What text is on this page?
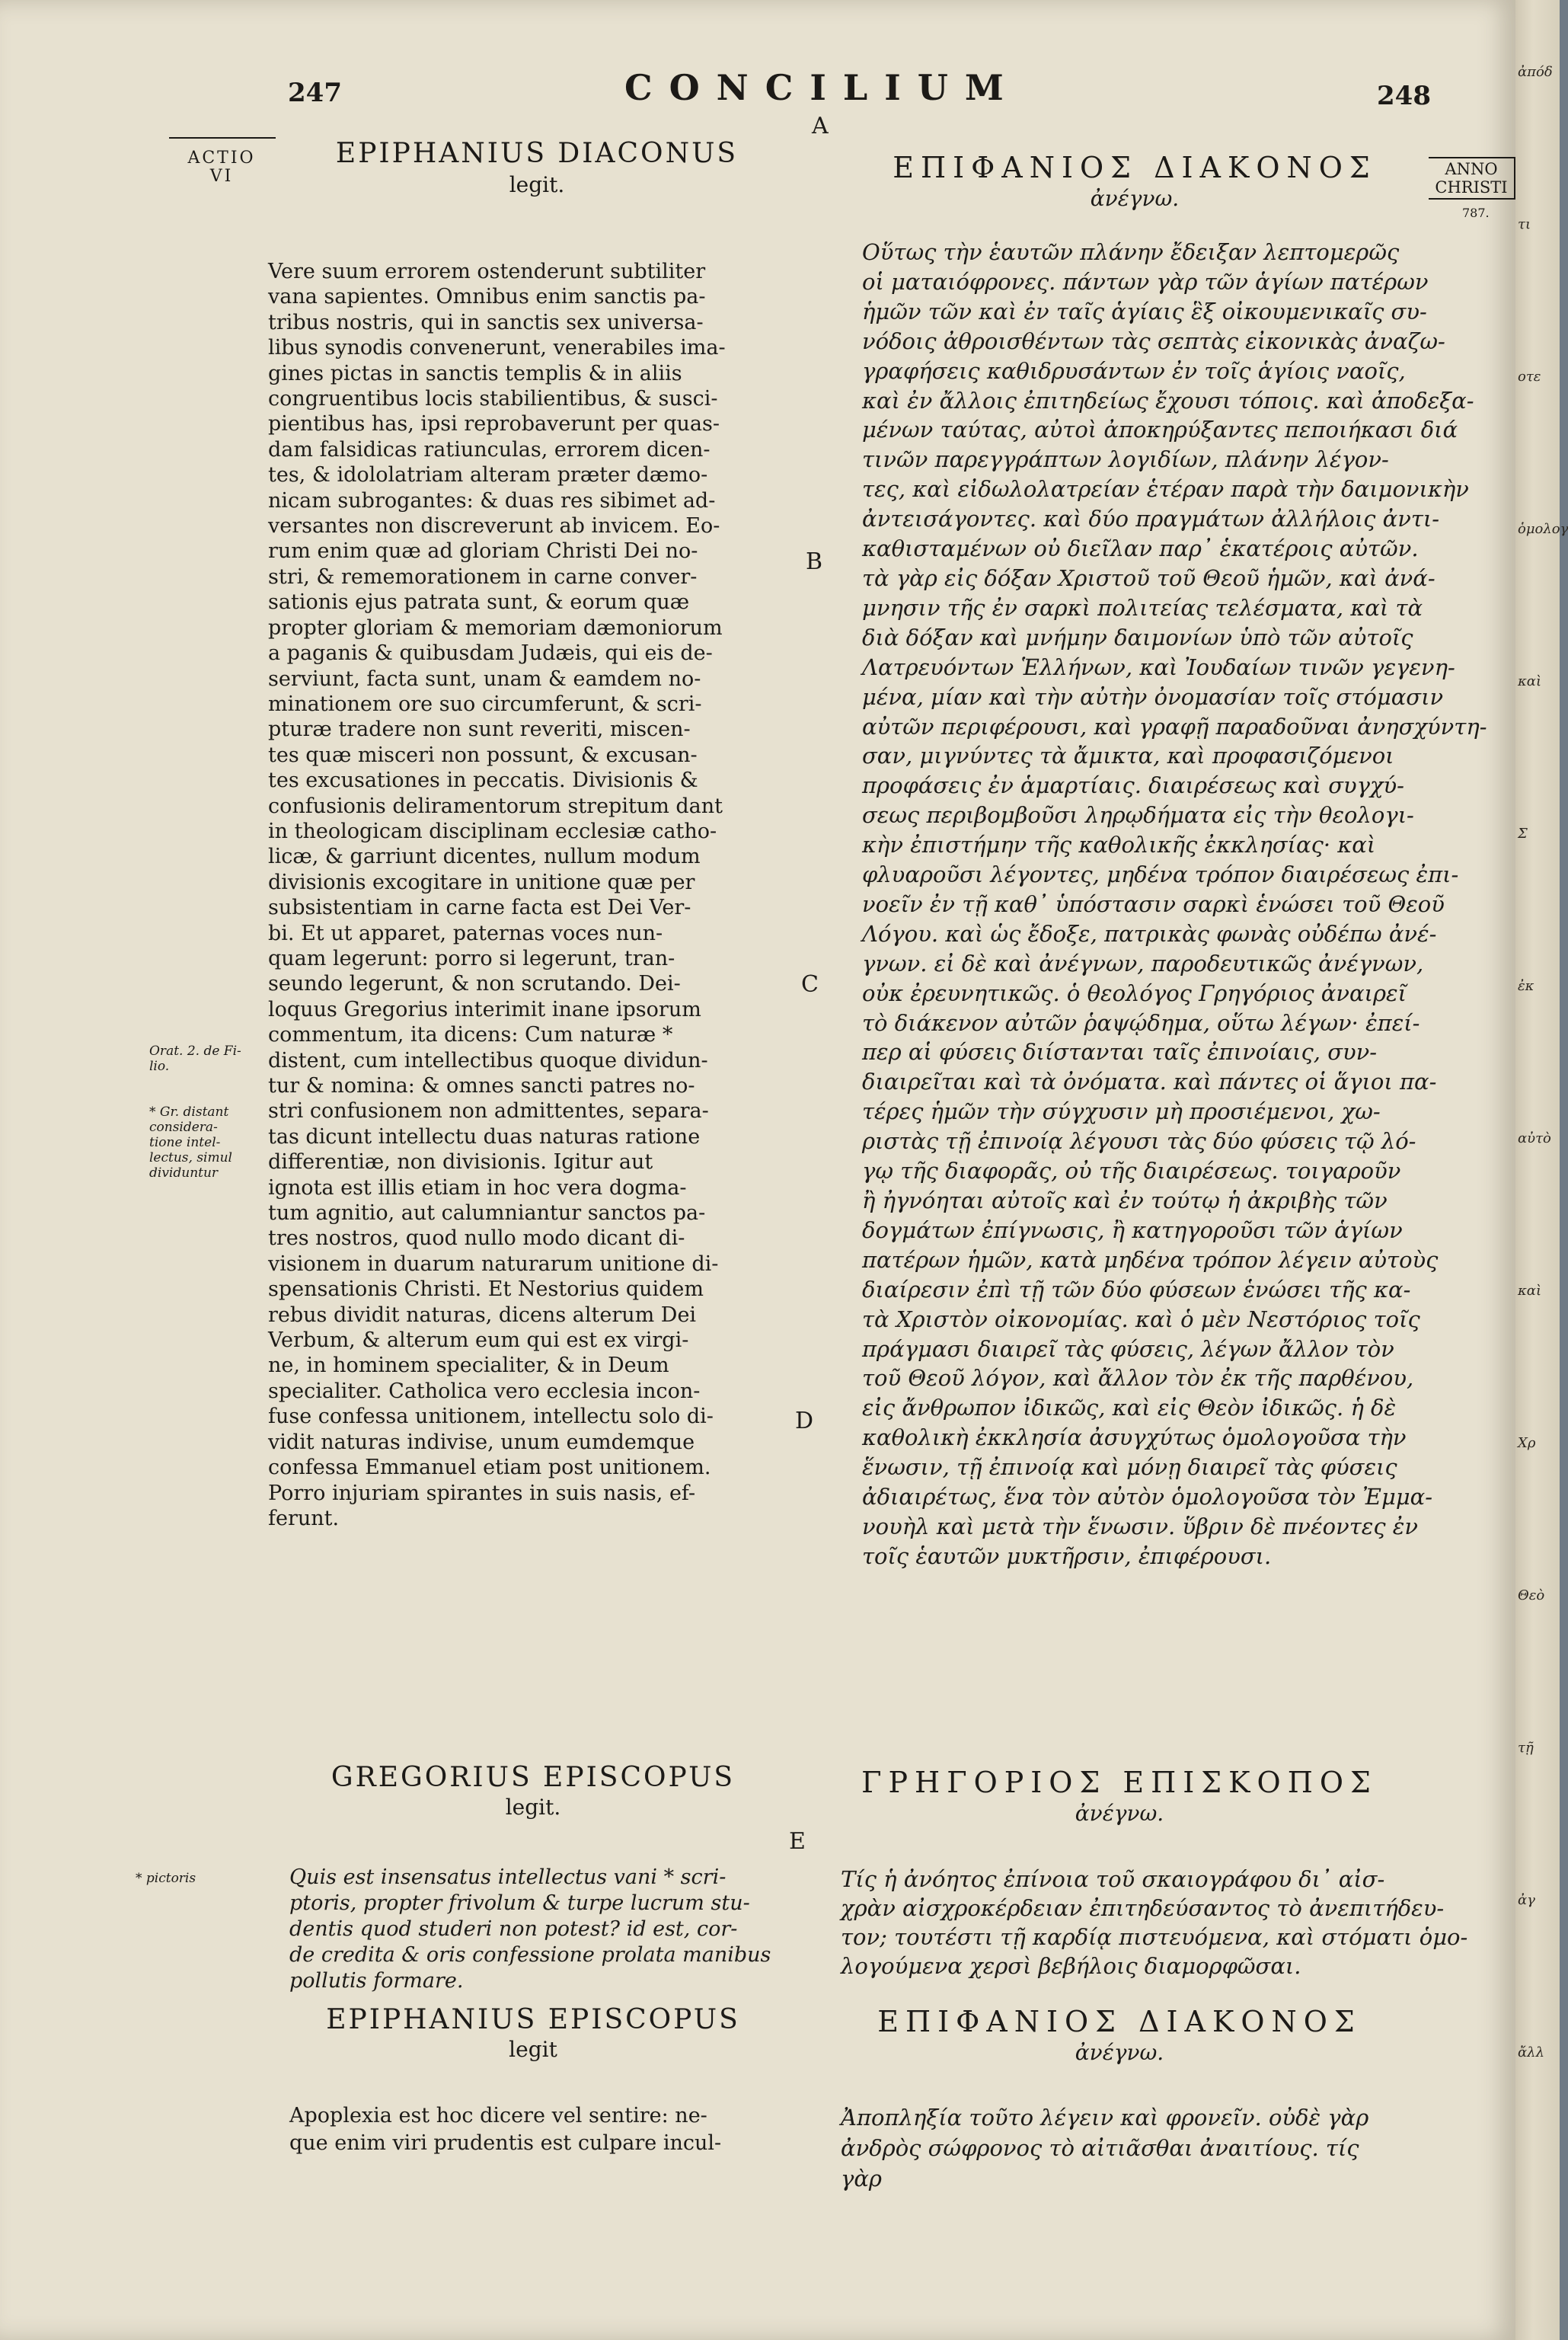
247	CONCILIUM	248
A
ACTIO
VI	ANNO
CHRISTI
787.
EPIPHANIUS DIACONUS
legit.
ΕΠΙΦΑΝΙΟΣ ΔΙΑΚΟΝΟΣ
ἀνέγνω.
Vere suum errorem ostenderunt subtiliter
vana sapientes. Omnibus enim sanctis pa-
tribus nostris, qui in sanctis sex universa-
libus synodis convenerunt, venerabiles ima-
gines pictas in sanctis templis & in aliis
congruentibus locis stabilientibus, & susci-
pientibus has, ipsi reprobaverunt per quas-
dam falsidicas ratiunculas, errorem dicen-
tes, & idololatriam alteram præter dæmo-
nicam subrogantes: & duas res sibimet ad-
versantes non discreverunt ab invicem. Eo-
rum enim quæ ad gloriam Christi Dei no-
stri, & rememorationem in carne conver-
sationis ejus patrata sunt, & eorum quæ
propter gloriam & memoriam dæmoniorum
a paganis & quibusdam Judæis, qui eis de-
serviunt, facta sunt, unam & eamdem no-
minationem ore suo circumferunt, & scri-
pturæ tradere non sunt reveriti, miscen-
tes quæ misceri non possunt, & excusan-
tes excusationes in peccatis. Divisionis &
confusionis deliramentorum strepitum dant
in theologicam disciplinam ecclesiæ catho-
licæ, & garriunt dicentes, nullum modum
divisionis excogitare in unitione quæ per
subsistentiam in carne facta est Dei Ver-
bi. Et ut apparet, paternas voces nun-
quam legerunt: porro si legerunt, tran-
seundo legerunt, & non scrutando. Dei-
loquus Gregorius interimit inane ipsorum
commentum, ita dicens: Cum naturæ *
distent, cum intellectibus quoque dividun-
tur & nomina: & omnes sancti patres no-
stri confusionem non admittentes, separa-
tas dicunt intellectu duas naturas ratione
differentiæ, non divisionis. Igitur aut
ignota est illis etiam in hoc vera dogma-
tum agnitio, aut calumniantur sanctos pa-
tres nostros, quod nullo modo dicant di-
visionem in duarum naturarum unitione di-
spensationis Christi. Et Nestorius quidem
rebus dividit naturas, dicens alterum Dei
Verbum, & alterum eum qui est ex virgi-
ne, in hominem specialiter, & in Deum
specialiter. Catholica vero ecclesia incon-
fuse confessa unitionem, intellectu solo di-
vidit naturas indivise, unum eumdemque
confessa Emmanuel etiam post unitionem.
Porro injuriam spirantes in suis nasis, ef-
ferunt.
Οὕτως τὴν ἑαυτῶν πλάνην ἔδειξαν λεπτομερῶς
οἱ ματαιόφρονες. πάντων γὰρ τῶν ἁγίων πατέρων
ἡμῶν τῶν καὶ ἐν ταῖς ἁγίαις ἓξ οἰκουμενικαῖς συ-
νόδοις ἀθροισθέντων τὰς σεπτὰς εἰκονικὰς ἀναζω-
γραφήσεις καθιδρυσάντων ἐν τοῖς ἁγίοις ναοῖς,
καὶ ἐν ἄλλοις ἐπιτηδείως ἔχουσι τόποις. καὶ ἀποδεξα-
μένων ταύτας, αὐτοὶ ἀποκηρύξαντες πεποιήκασι διά
τινῶν παρεγγράπτων λογιδίων, πλάνην λέγον-
τες, καὶ εἰδωλολατρείαν ἑτέραν παρὰ τὴν δαιμονικὴν
ἀντεισάγοντες. καὶ δύο πραγμάτων ἀλλήλοις ἀντι-
καθισταμένων οὐ διεῖλαν παρ᾽ ἑκατέροις αὐτῶν.
τὰ γὰρ εἰς δόξαν Χριστοῦ τοῦ Θεοῦ ἡμῶν, καὶ ἀνά-
μνησιν τῆς ἐν σαρκὶ πολιτείας τελέσματα, καὶ τὰ
διὰ δόξαν καὶ μνήμην δαιμονίων ὑπὸ τῶν αὐτοῖς
Λατρευόντων Ἑλλήνων, καὶ Ἰουδαίων τινῶν γεγενη-
μένα, μίαν καὶ τὴν αὐτὴν ὀνομασίαν τοῖς στόμασιν
αὐτῶν περιφέρουσι, καὶ γραφῇ παραδοῦναι ἀνησχύντη-
σαν, μιγνύντες τὰ ἄμικτα, καὶ προφασιζόμενοι
προφάσεις ἐν ἁμαρτίαις. διαιρέσεως καὶ συγχύ-
σεως περιβομβοῦσι ληρῳδήματα εἰς τὴν θεολογι-
κὴν ἐπιστήμην τῆς καθολικῆς ἐκκλησίας· καὶ
φλυαροῦσι λέγοντες, μηδένα τρόπον διαιρέσεως ἐπι-
νοεῖν ἐν τῇ καθ᾽ ὑπόστασιν σαρκὶ ἑνώσει τοῦ Θεοῦ
Λόγου. καὶ ὡς ἔδοξε, πατρικὰς φωνὰς οὐδέπω ἀνέ-
γνων. εἰ δὲ καὶ ἀνέγνων, παροδευτικῶς ἀνέγνων,
οὐκ ἐρευνητικῶς. ὁ θεολόγος Γρηγόριος ἀναιρεῖ
τὸ διάκενον αὐτῶν ῥαψῴδημα, οὕτω λέγων· ἐπεί-
περ αἱ φύσεις διίστανται ταῖς ἐπινοίαις, συν-
διαιρεῖται καὶ τὰ ὀνόματα. καὶ πάντες οἱ ἅγιοι πα-
τέρες ἡμῶν τὴν σύγχυσιν μὴ προσιέμενοι, χω-
ριστὰς τῇ ἐπινοίᾳ λέγουσι τὰς δύο φύσεις τῷ λό-
γῳ τῆς διαφορᾶς, οὐ τῆς διαιρέσεως. τοιγαροῦν
ἢ ἠγνόηται αὐτοῖς καὶ ἐν τούτῳ ἡ ἀκριβὴς τῶν
δογμάτων ἐπίγνωσις, ἢ κατηγοροῦσι τῶν ἁγίων
πατέρων ἡμῶν, κατὰ μηδένα τρόπον λέγειν αὐτοὺς
διαίρεσιν ἐπὶ τῇ τῶν δύο φύσεων ἑνώσει τῆς κα-
τὰ Χριστὸν οἰκονομίας. καὶ ὁ μὲν Νεστόριος τοῖς
πράγμασι διαιρεῖ τὰς φύσεις, λέγων ἄλλον τὸν
τοῦ Θεοῦ λόγον, καὶ ἄλλον τὸν ἐκ τῆς παρθένου,
εἰς ἄνθρωπον ἰδικῶς, καὶ εἰς Θεὸν ἰδικῶς. ἡ δὲ
καθολικὴ ἐκκλησία ἀσυγχύτως ὁμολογοῦσα τὴν
ἕνωσιν, τῇ ἐπινοίᾳ καὶ μόνῃ διαιρεῖ τὰς φύσεις
ἀδιαιρέτως, ἕνα τὸν αὐτὸν ὁμολογοῦσα τὸν Ἐμμα-
νουὴλ καὶ μετὰ τὴν ἕνωσιν. ὕβριν δὲ πνέοντες ἐν
τοῖς ἑαυτῶν μυκτῆρσιν, ἐπιφέρουσι.
B
C
D
Orat. 2. de Fi-
lio.
* Gr. distant
considera-
tione intel-
lectus, simul
dividuntur
GREGORIUS EPISCOPUS
legit.
ΓΡΗΓΟΡΙΟΣ ΕΠΙΣΚΟΠΟΣ
ἀνέγνω.
E
* pictoris	Quis est insensatus intellectus vani * scri-
ptoris, propter frivolum & turpe lucrum stu-
dentis quod studeri non potest? id est, cor-
de credita & oris confessione prolata manibus
pollutis formare.
Τίς ἡ ἀνόητος ἐπίνοια τοῦ σκαιογράφου δι᾽ αἰσ-
χρὰν αἰσχροκέρδειαν ἐπιτηδεύσαντος τὸ ἀνεπιτήδευ-
τον; τουτέστι τῇ καρδίᾳ πιστευόμενα, καὶ στόματι ὁμο-
λογούμενα χερσὶ βεβήλοις διαμορφῶσαι.
EPIPHANIUS EPISCOPUS
legit
ΕΠΙΦΑΝΙΟΣ ΔΙΑΚΟΝΟΣ
ἀνέγνω.
Apoplexia est hoc dicere vel sentire: ne-
que enim viri prudentis est culpare incul-
Ἀποπληξία τοῦτο λέγειν καὶ φρονεῖν. οὐδὲ γὰρ
ἀνδρὸς σώφρονος τὸ αἰτιᾶσθαι ἀναιτίους. τίς
γὰρ
ἀπόδ
τι
οτε
ὁμολογ
καὶ
Σ
ἐκ
αὐτὸ
καὶ
Χρ
Θεὸ
τῇ
ἀγ
ἄλλ
